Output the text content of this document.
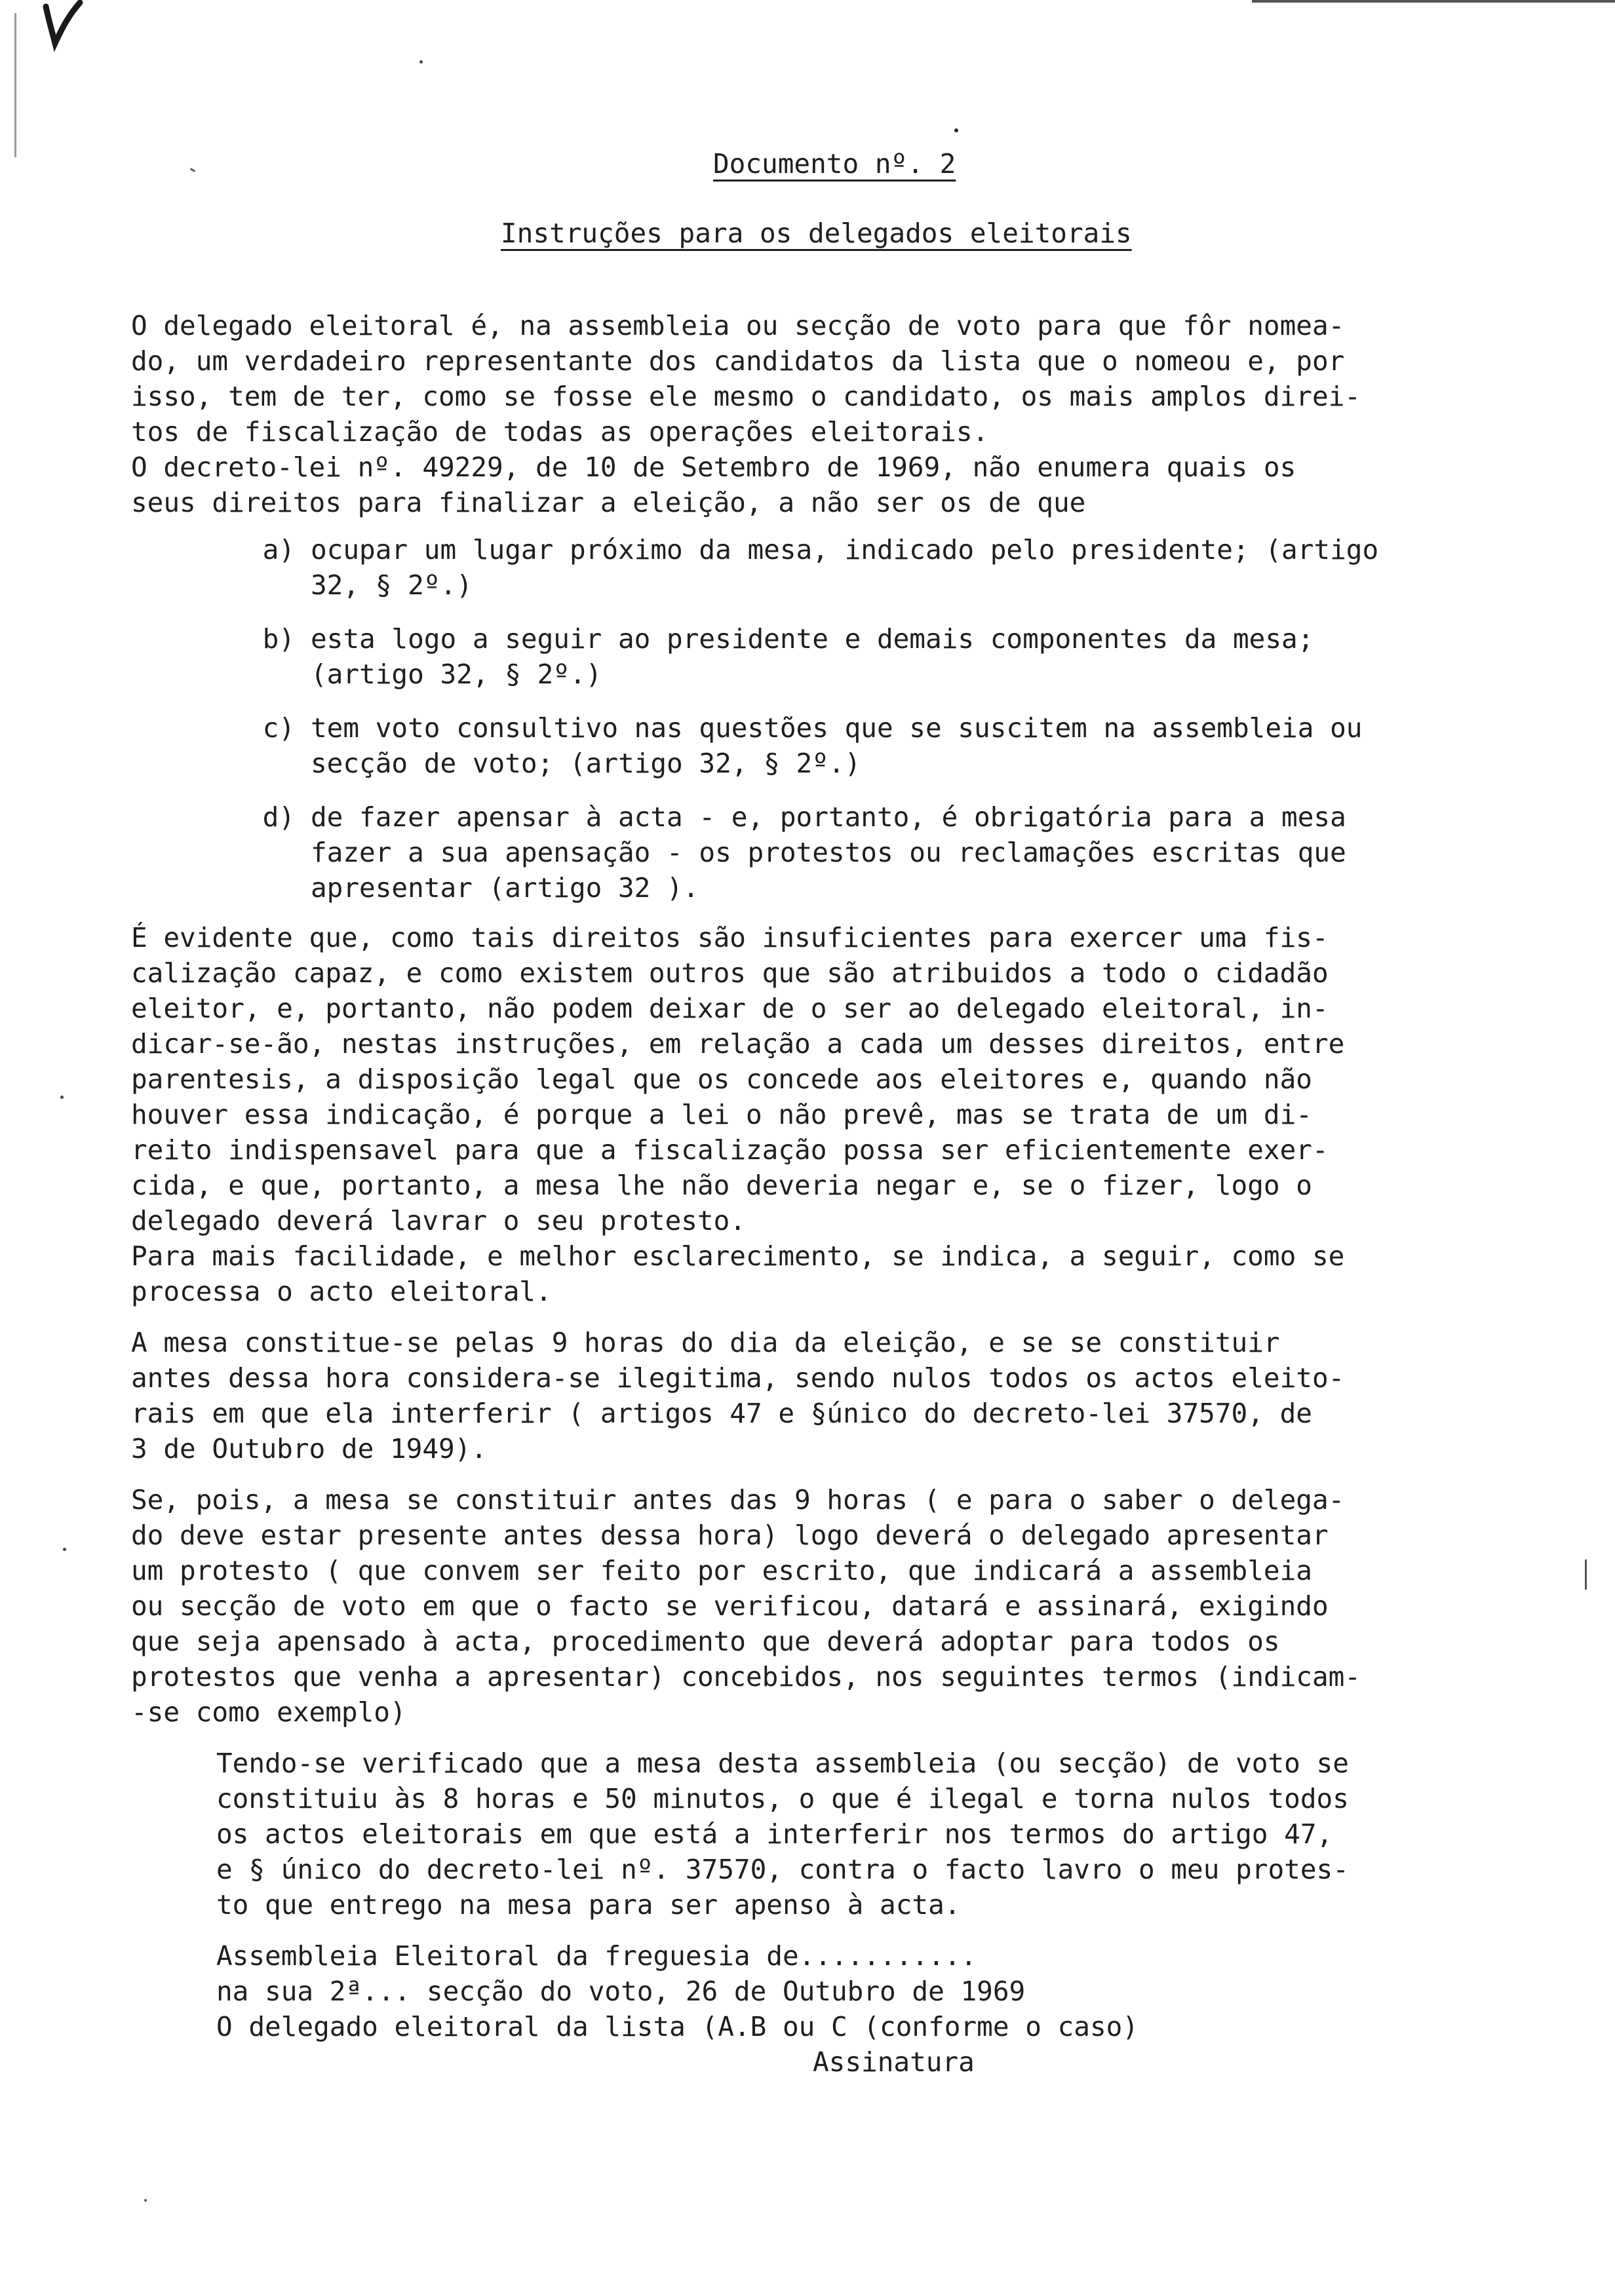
Documento nº. 2
Instruções para os delegados eleitorais
O delegado eleitoral é, na assembleia ou secção de voto para que fôr nomea-
do, um verdadeiro representante dos candidatos da lista que o nomeou e, por
isso, tem de ter, como se fosse ele mesmo o candidato, os mais amplos direi-
tos de fiscalização de todas as operações eleitorais.
O decreto-lei nº. 49229, de 10 de Setembro de 1969, não enumera quais os
seus direitos para finalizar a eleição, a não ser os de que
a) ocupar um lugar próximo da mesa, indicado pelo presidente; (artigo
32, § 2º.)
b) esta logo a seguir ao presidente e demais componentes da mesa;
(artigo 32, § 2º.)
c) tem voto consultivo nas questões que se suscitem na assembleia ou
secção de voto; (artigo 32, § 2º.)
d) de fazer apensar à acta - e, portanto, é obrigatória para a mesa
fazer a sua apensação - os protestos ou reclamações escritas que
apresentar (artigo 32 ).
É evidente que, como tais direitos são insuficientes para exercer uma fis-
calização capaz, e como existem outros que são atribuidos a todo o cidadão
eleitor, e, portanto, não podem deixar de o ser ao delegado eleitoral, in-
dicar-se-ão, nestas instruções, em relação a cada um desses direitos, entre
parentesis, a disposição legal que os concede aos eleitores e, quando não
houver essa indicação, é porque a lei o não prevê, mas se trata de um di-
reito indispensavel para que a fiscalização possa ser eficientemente exer-
cida, e que, portanto, a mesa lhe não deveria negar e, se o fizer, logo o
delegado deverá lavrar o seu protesto.
Para mais facilidade, e melhor esclarecimento, se indica, a seguir, como se
processa o acto eleitoral.
A mesa constitue-se pelas 9 horas do dia da eleição, e se se constituir
antes dessa hora considera-se ilegitima, sendo nulos todos os actos eleito-
rais em que ela interferir ( artigos 47 e §único do decreto-lei 37570, de
3 de Outubro de 1949).
Se, pois, a mesa se constituir antes das 9 horas ( e para o saber o delega-
do deve estar presente antes dessa hora) logo deverá o delegado apresentar
um protesto ( que convem ser feito por escrito, que indicará a assembleia
ou secção de voto em que o facto se verificou, datará e assinará, exigindo
que seja apensado à acta, procedimento que deverá adoptar para todos os
protestos que venha a apresentar) concebidos, nos seguintes termos (indicam-
-se como exemplo)
Tendo-se verificado que a mesa desta assembleia (ou secção) de voto se
constituiu às 8 horas e 50 minutos, o que é ilegal e torna nulos todos
os actos eleitorais em que está a interferir nos termos do artigo 47,
e § único do decreto-lei nº. 37570, contra o facto lavro o meu protes-
to que entrego na mesa para ser apenso à acta.
Assembleia Eleitoral da freguesia de...........
na sua 2ª... secção do voto, 26 de Outubro de 1969
O delegado eleitoral da lista (A.B ou C (conforme o caso)
Assinatura
